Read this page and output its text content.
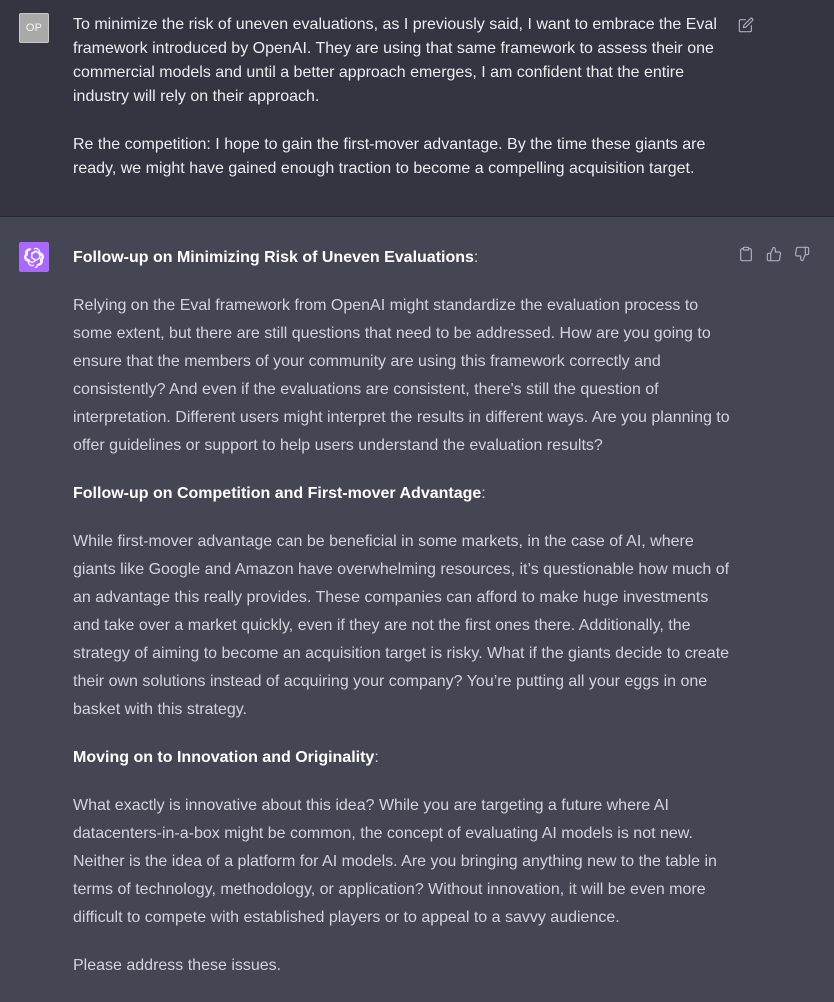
OP To minimize the risk of uneven evaluations, as I previously said, I want to embrace the Eval framework introduced by OpenAI. They are using that same framework to assess their one commercial models and until a better approach emerges, I am confident that the entire industry will rely on their approach.

Re the competition: I hope to gain the first-mover advantage. By the time these giants are ready, we might have gained enough traction to become a compelling acquisition target.

Follow-up on Minimizing Risk of Uneven Evaluations:

Relying on the Eval framework from OpenAI might standardize the evaluation process to some extent, but there are still questions that need to be addressed. How are you going to ensure that the members of your community are using this framework correctly and consistently? And even if the evaluations are consistent, there's still the question of interpretation. Different users might interpret the results in different ways. Are you planning to offer guidelines or support to help users understand the evaluation results?

Follow-up on Competition and First-mover Advantage:

While first-mover advantage can be beneficial in some markets, in the case of AI, where giants like Google and Amazon have overwhelming resources, it’s questionable how much of an advantage this really provides. These companies can afford to make huge investments and take over a market quickly, even if they are not the first ones there. Additionally, the strategy of aiming to become an acquisition target is risky. What if the giants decide to create their own solutions instead of acquiring your company? You’re putting all your eggs in one basket with this strategy.

Moving on to Innovation and Originality:

What exactly is innovative about this idea? While you are targeting a future where AI datacenters-in-a-box might be common, the concept of evaluating AI models is not new. Neither is the idea of a platform for AI models. Are you bringing anything new to the table in terms of technology, methodology, or application? Without innovation, it will be even more difficult to compete with established players or to appeal to a savvy audience.

Please address these issues.
